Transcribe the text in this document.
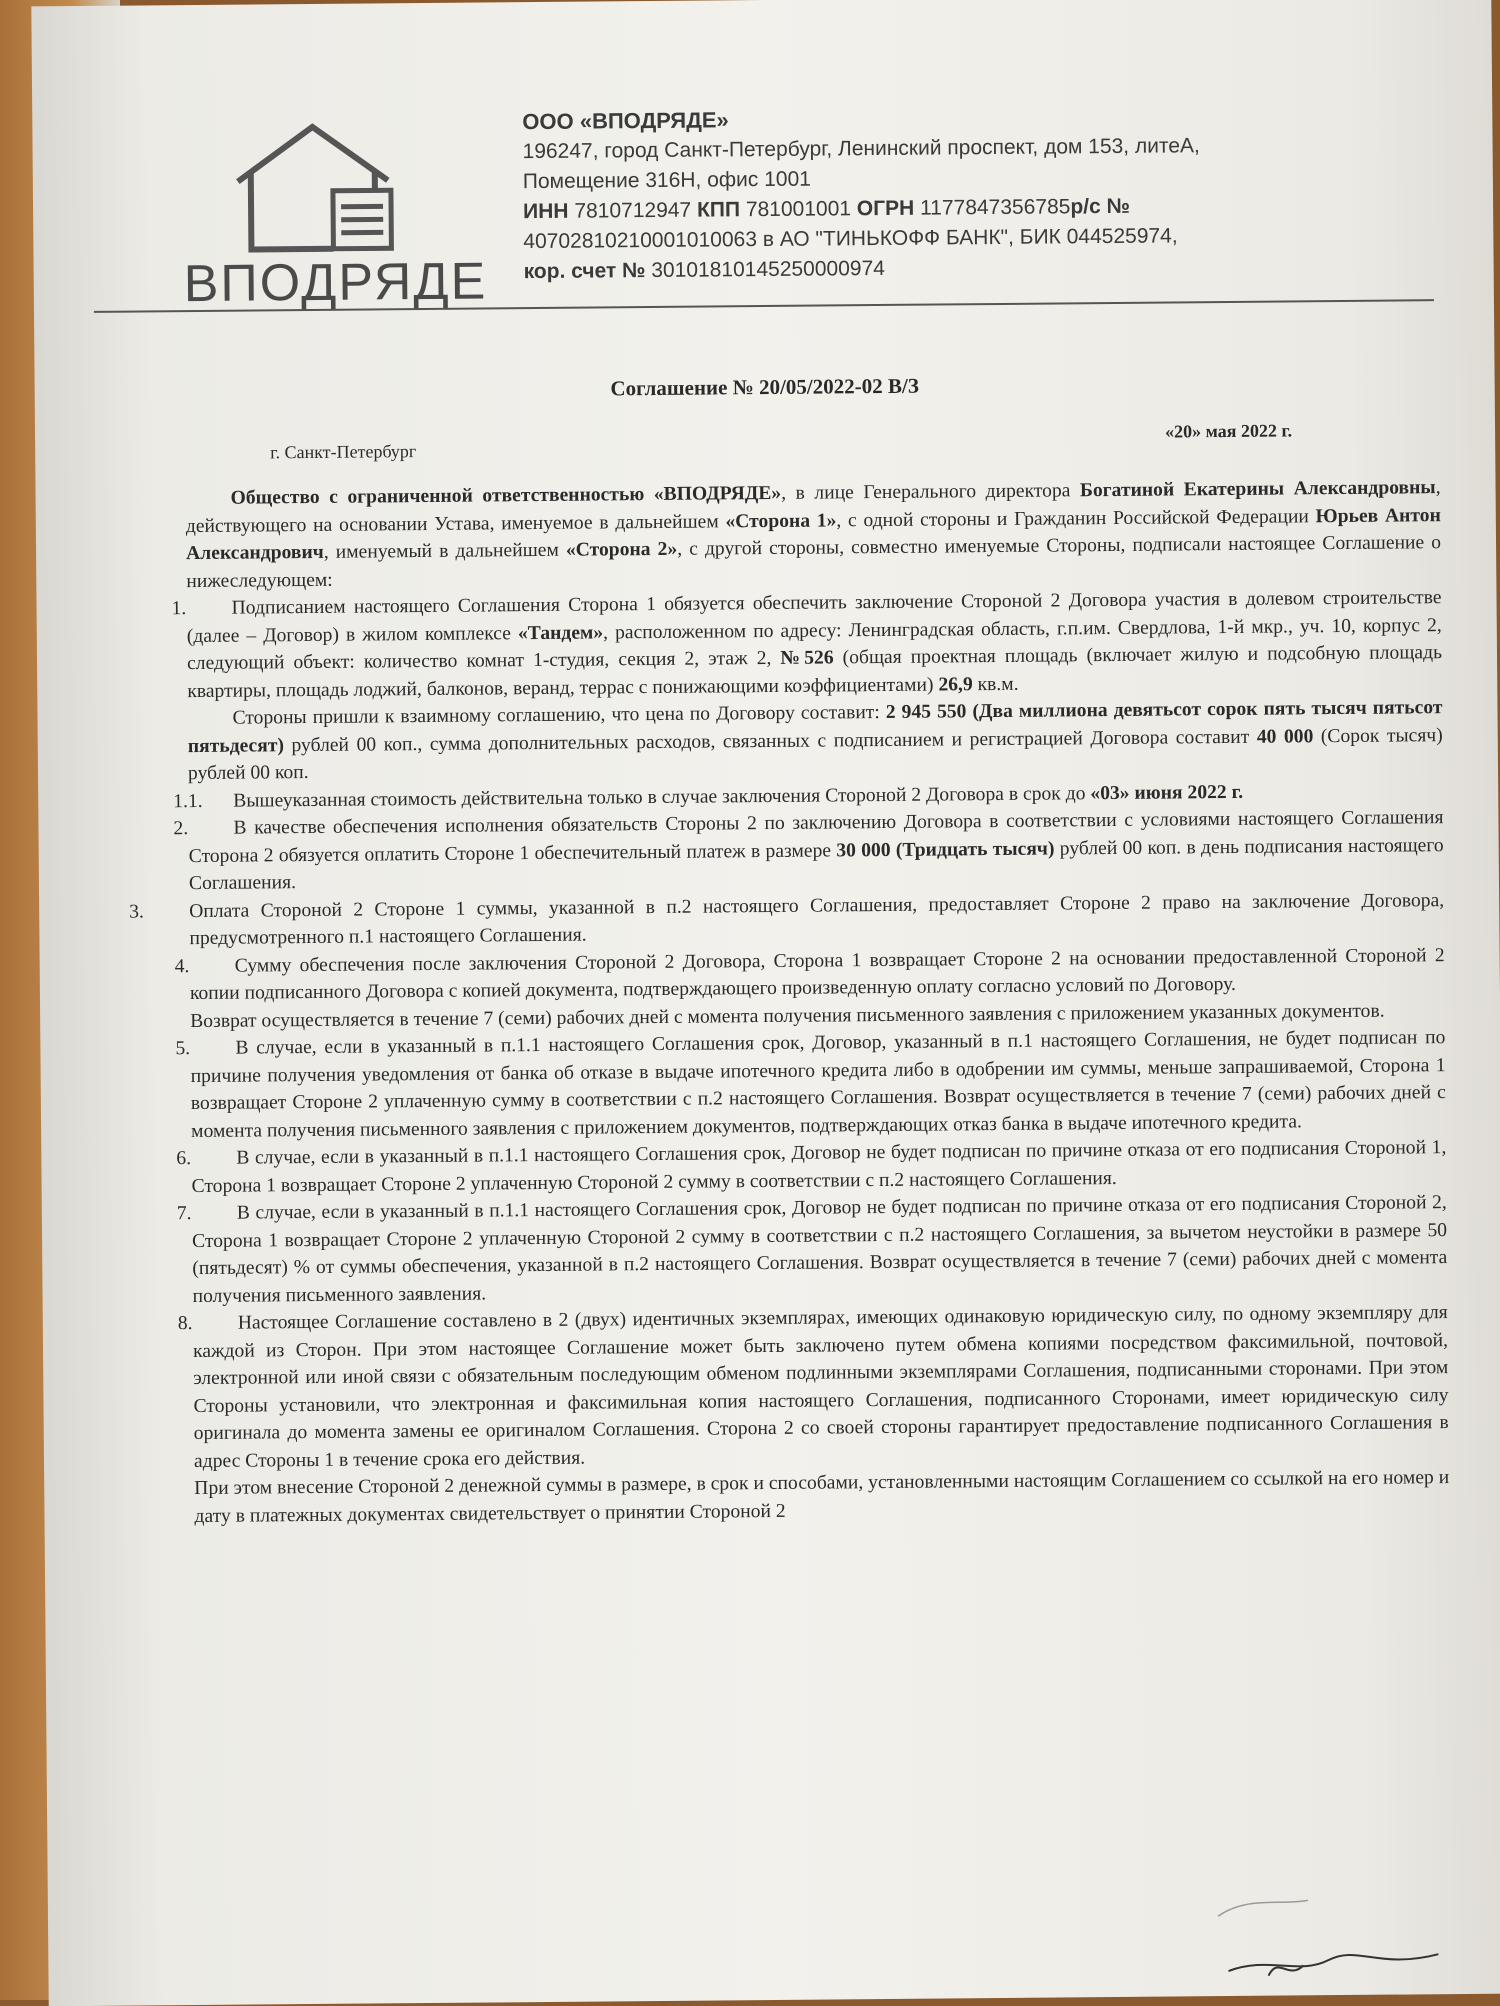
ВПОДРЯДЕ
ООО «ВПОДРЯДЕ»
196247, город Санкт-Петербург, Ленинский проспект, дом 153, литеА,
Помещение 316Н, офис 1001
ИНН 7810712947 КПП 781001001 ОГРН 1177847356785р/с №
40702810210001010063 в АО "ТИНЬКОФФ БАНК", БИК 044525974,
кор. счет № 30101810145250000974
Соглашение № 20/05/2022-02 В/З
г. Санкт-Петербург
«20» мая 2022 г.

Общество с ограниченной ответственностью «ВПОДРЯДЕ», в лице Генерального директора Богатиной Екатерины Александровны, действующего на основании Устава, именуемое в дальнейшем «Сторона 1», с одной стороны и Гражданин Российской Федерации Юрьев Антон Александрович, именуемый в дальнейшем «Сторона 2», с другой стороны, совместно именуемые Стороны, подписали настоящее Соглашение о нижеследующем:

1. Подписанием настоящего Соглашения Сторона 1 обязуется обеспечить заключение Стороной 2 Договора участия в долевом строительстве (далее – Договор) в жилом комплексе «Тандем», расположенном по адресу: Ленинградская область, г.п.им. Свердлова, 1-й мкр., уч. 10, корпус 2, следующий объект: количество комнат 1-студия, секция 2, этаж 2, №526 (общая проектная площадь (включает жилую и подсобную площадь квартиры, площадь лоджий, балконов, веранд, террас с понижающими коэффициентами) 26,9 кв.м.

Стороны пришли к взаимному соглашению, что цена по Договору составит: 2 945 550 (Два миллиона девятьсот сорок пять тысяч пятьсот пятьдесят) рублей 00 коп., сумма дополнительных расходов, связанных с подписанием и регистрацией Договора составит 40 000 (Сорок тысяч) рублей 00 коп.

1.1. Вышеуказанная стоимость действительна только в случае заключения Стороной 2 Договора в срок до «03» июня 2022 г.

2. В качестве обеспечения исполнения обязательств Стороны 2 по заключению Договора в соответствии с условиями настоящего Соглашения Сторона 2 обязуется оплатить Стороне 1 обеспечительный платеж в размере 30 000 (Тридцать тысяч) рублей 00 коп. в день подписания настоящего Соглашения.

3.	Оплата Стороной 2 Стороне 1 суммы, указанной в п.2 настоящего Соглашения, предоставляет Стороне 2 право на заключение Договора, предусмотренного п.1 настоящего Соглашения.

4. Сумму обеспечения после заключения Стороной 2 Договора, Сторона 1 возвращает Стороне 2 на основании предоставленной Стороной 2 копии подписанного Договора с копией документа, подтверждающего произведенную оплату согласно условий по Договору.

Возврат осуществляется в течение 7 (семи) рабочих дней с момента получения письменного заявления с приложением указанных документов.

5. В случае, если в указанный в п.1.1 настоящего Соглашения срок, Договор, указанный в п.1 настоящего Соглашения, не будет подписан по причине получения уведомления от банка об отказе в выдаче ипотечного кредита либо в одобрении им суммы, меньше запрашиваемой, Сторона 1 возвращает Стороне 2 уплаченную сумму в соответствии с п.2 настоящего Соглашения. Возврат осуществляется в течение 7 (семи) рабочих дней с момента получения письменного заявления с приложением документов, подтверждающих отказ банка в выдаче ипотечного кредита.

6. В случае, если в указанный в п.1.1 настоящего Соглашения срок, Договор не будет подписан по причине отказа от его подписания Стороной 1, Сторона 1 возвращает Стороне 2 уплаченную Стороной 2 сумму в соответствии с п.2 настоящего Соглашения.

7. В случае, если в указанный в п.1.1 настоящего Соглашения срок, Договор не будет подписан по причине отказа от его подписания Стороной 2, Сторона 1 возвращает Стороне 2 уплаченную Стороной 2 сумму в соответствии с п.2 настоящего Соглашения, за вычетом неустойки в размере 50 (пятьдесят) % от суммы обеспечения, указанной в п.2 настоящего Соглашения. Возврат осуществляется в течение 7 (семи) рабочих дней с момента получения письменного заявления.

8. Настоящее Соглашение составлено в 2 (двух) идентичных экземплярах, имеющих одинаковую юридическую силу, по одному экземпляру для каждой из Сторон. При этом настоящее Соглашение может быть заключено путем обмена копиями посредством факсимильной, почтовой, электронной или иной связи с обязательным последующим обменом подлинными экземплярами Соглашения, подписанными сторонами. При этом Стороны установили, что электронная и факсимильная копия настоящего Соглашения, подписанного Сторонами, имеет юридическую силу оригинала до момента замены ее оригиналом Соглашения. Сторона 2 со своей стороны гарантирует предоставление подписанного Соглашения в адрес Стороны 1 в течение срока его действия.

При этом внесение Стороной 2 денежной суммы в размере, в срок и способами, установленными настоящим Соглашением со ссылкой на его номер и дату в платежных документах свидетельствует о принятии Стороной 2
